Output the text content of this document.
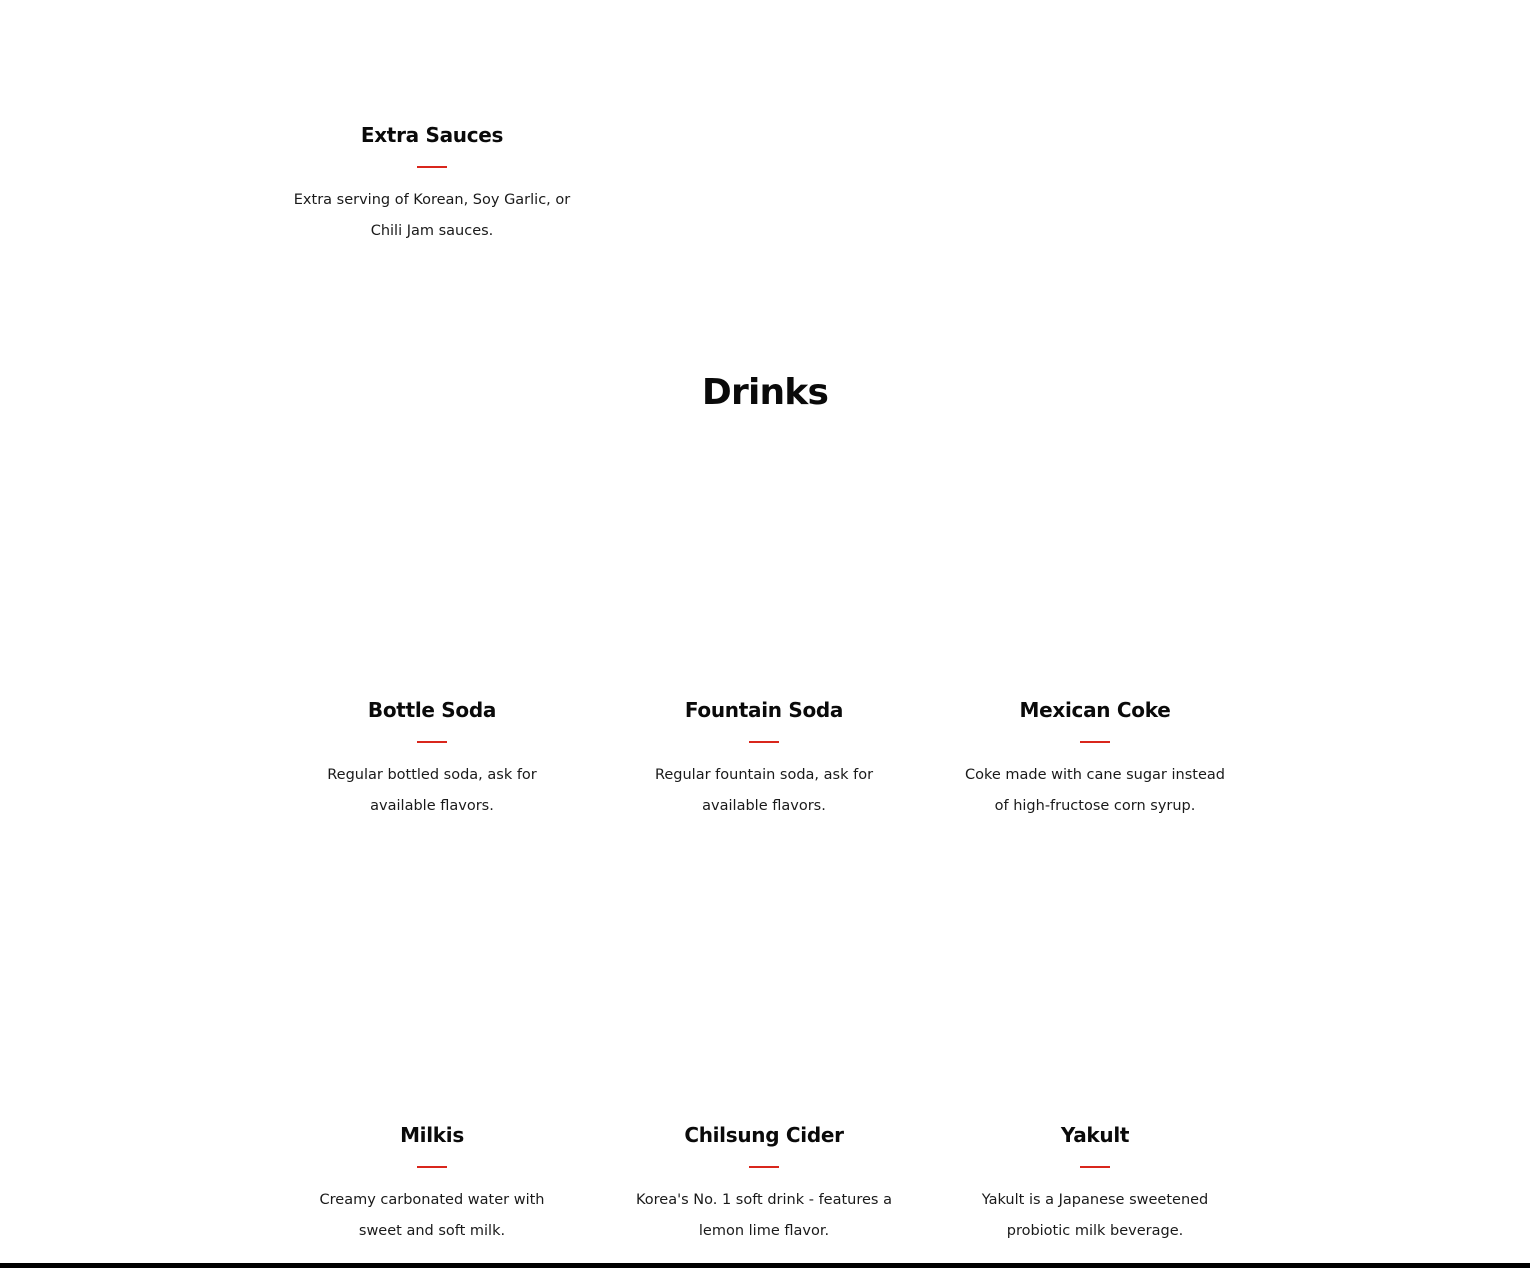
Extra Sauces

Extra serving of Korean, Soy Garlic, or Chili Jam sauces.

Drinks
Bottle Soda

Regular bottled soda, ask for available flavors.

Fountain Soda

Regular fountain soda, ask for available flavors.

Mexican Coke

Coke made with cane sugar instead of high-fructose corn syrup.

Milkis

Creamy carbonated water with sweet and soft milk.

Chilsung Cider

Korea's No. 1 soft drink - features a lemon lime flavor.

Yakult

Yakult is a Japanese sweetened probiotic milk beverage.
